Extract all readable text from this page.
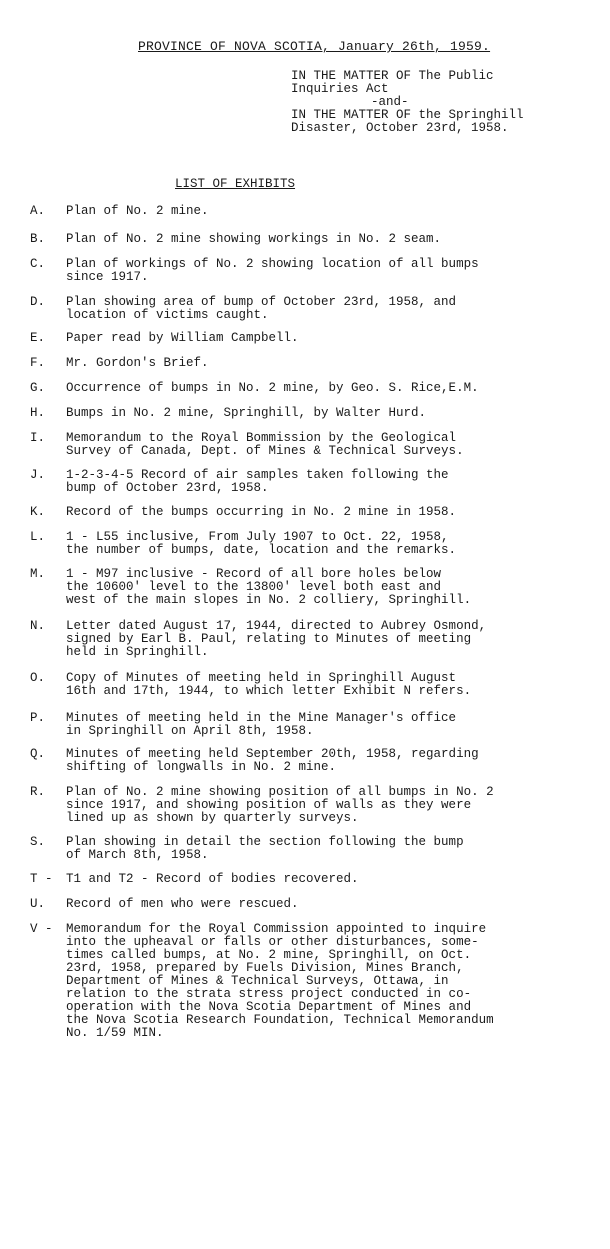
PROVINCE OF NOVA SCOTIA, January 26th, 1959.
IN THE MATTER OF The Public
Inquiries Act

-and-
IN THE MATTER OF the Springhill
Disaster, October 23rd, 1958.
LIST OF EXHIBITS
A. Plan of No. 2 mine.
B. Plan of No. 2 mine showing workings in No. 2 seam.
C. Plan of workings of No. 2 showing location of all bumps
since 1917.
D. Plan showing area of bump of October 23rd, 1958, and
location of victims caught.
E. Paper read by William Campbell.
F. Mr. Gordon's Brief.
G. Occurrence of bumps in No. 2 mine, by Geo. S. Rice,E.M.
H. Bumps in No. 2 mine, Springhill, by Walter Hurd.
I. Memorandum to the Royal Bommission by the Geological
Survey of Canada, Dept. of Mines & Technical Surveys.
J. 1-2-3-4-5 Record of air samples taken following the
bump of October 23rd, 1958.
K. Record of the bumps occurring in No. 2 mine in 1958.
L. 1 - L55 inclusive, From July 1907 to Oct. 22, 1958,
the number of bumps, date, location and the remarks.
M. 1 - M97 inclusive - Record of all bore holes below
the 10600' level to the 13800' level both east and
west of the main slopes in No. 2 colliery, Springhill.
N. Letter dated August 17, 1944, directed to Aubrey Osmond,
signed by Earl B. Paul, relating to Minutes of meeting
held in Springhill.
O. Copy of Minutes of meeting held in Springhill August
16th and 17th, 1944, to which letter Exhibit N refers.
P. Minutes of meeting held in the Mine Manager's office
in Springhill on April 8th, 1958.
Q. Minutes of meeting held September 20th, 1958, regarding
shifting of longwalls in No. 2 mine.
R. Plan of No. 2 mine showing position of all bumps in No. 2
since 1917, and showing position of walls as they were
lined up as shown by quarterly surveys.
S. Plan showing in detail the section following the bump
of March 8th, 1958.
T - T1 and T2 - Record of bodies recovered.
U. Record of men who were rescued.
V - Memorandum for the Royal Commission appointed to inquire
into the upheaval or falls or other disturbances, some-
times called bumps, at No. 2 mine, Springhill, on Oct.
23rd, 1958, prepared by Fuels Division, Mines Branch,
Department of Mines & Technical Surveys, Ottawa, in
relation to the strata stress project conducted in co-
operation with the Nova Scotia Department of Mines and
the Nova Scotia Research Foundation, Technical Memorandum
No. 1/59 MIN.
